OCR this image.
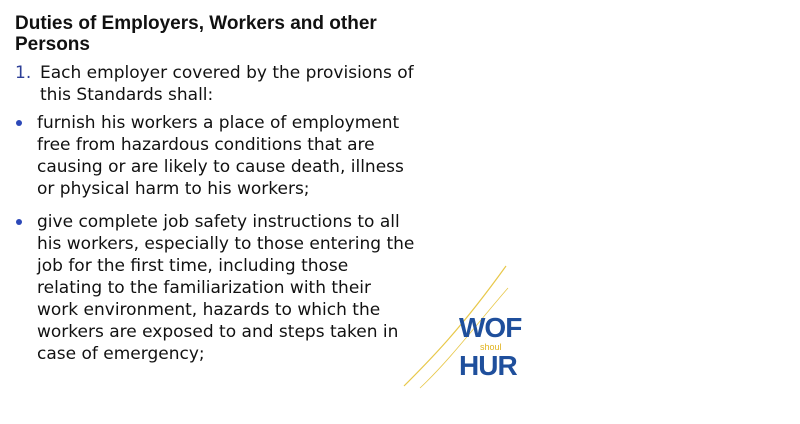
Duties of Employers, Workers and other
Persons
1. Each employer covered by the provisions of
this Standards shall:
furnish his workers a place of employment
free from hazardous conditions that are
causing or are likely to cause death, illness
or physical harm to his workers;
give complete job safety instructions to all
his workers, especially to those entering the
job for the first time, including those
relating to the familiarization with their
work environment, hazards to which the
workers are exposed to and steps taken in
case of emergency;
WOF
shoul
HUR
